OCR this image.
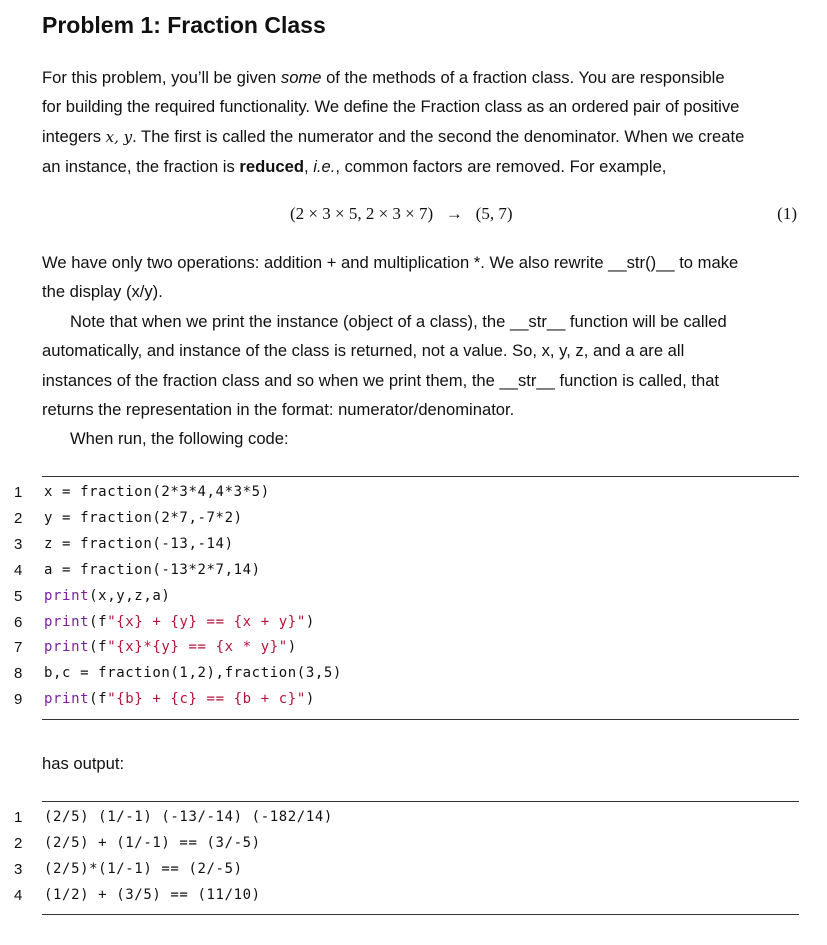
Problem 1: Fraction Class
For this problem, you’ll be given some of the methods of a fraction class. You are responsible
for building the required functionality. We define the Fraction class as an ordered pair of positive
integers x, y. The first is called the numerator and the second the denominator. When we create
an instance, the fraction is reduced, i.e., common factors are removed. For example,
(2 × 3 × 5, 2 × 3 × 7)   →   (5, 7)	(1)
We have only two operations: addition + and multiplication *. We also rewrite __str()__ to make
the display (x/y).
Note that when we print the instance (object of a class), the __str__ function will be called
automatically, and instance of the class is returned, not a value. So, x, y, z, and a are all
instances of the fraction class and so when we print them, the __str__ function is called, that
returns the representation in the format: numerator/denominator.
When run, the following code:
1	x = fraction(2*3*4,4*3*5)
2	y = fraction(2*7,-7*2)
3	z = fraction(-13,-14)
4	a = fraction(-13*2*7,14)
5	print(x,y,z,a)
6	print(f"{x} + {y} == {x + y}")
7	print(f"{x}*{y} == {x * y}")
8	b,c = fraction(1,2),fraction(3,5)
9	print(f"{b} + {c} == {b + c}")
has output:
1	(2/5) (1/-1) (-13/-14) (-182/14)
2	(2/5) + (1/-1) == (3/-5)
3	(2/5)*(1/-1) == (2/-5)
4	(1/2) + (3/5) == (11/10)
